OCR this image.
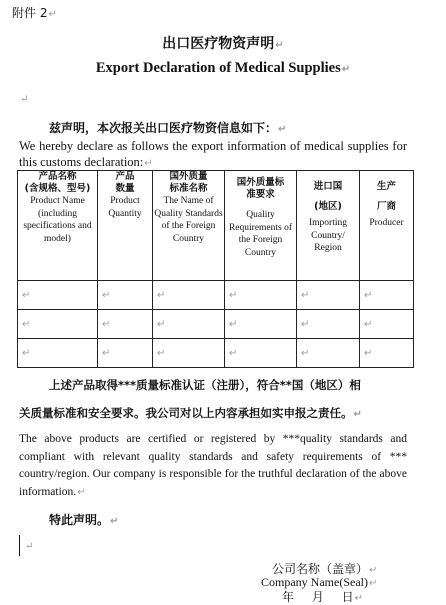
附件 2↵
出口医疗物资声明↵
Export Declaration of Medical Supplies↵
↵
兹声明，本次报关出口医疗物资信息如下：↵
We hereby declare as follows the export information of medical supplies for this customs declaration:↵
产品名称
(含规格、型号)
Product Name
(including specifications and model)	产品
数量
Product
Quantity	国外质量
标准名称
The Name of Quality Standards of the Foreign Country	国外质量标
准要求
Quality Requirements of the Foreign Country	进口国
(地区)
Importing Country/ Region	生产
厂商
Producer

↵	↵	↵	↵	↵	↵
↵	↵	↵	↵	↵	↵
↵	↵	↵	↵	↵	↵
上述产品取得***质量标准认证（注册），符合**国（地区）相
关质量标准和安全要求。我公司对以上内容承担如实申报之责任。↵
The above products are certified or registered by ***quality standards and compliant with relevant quality standards and safety requirements of *** country/region. Our company is responsible for the truthful declaration of the above information.↵
特此声明。↵
↵
公司名称（盖章）↵
Company Name(Seal)↵
年 月 日↵
